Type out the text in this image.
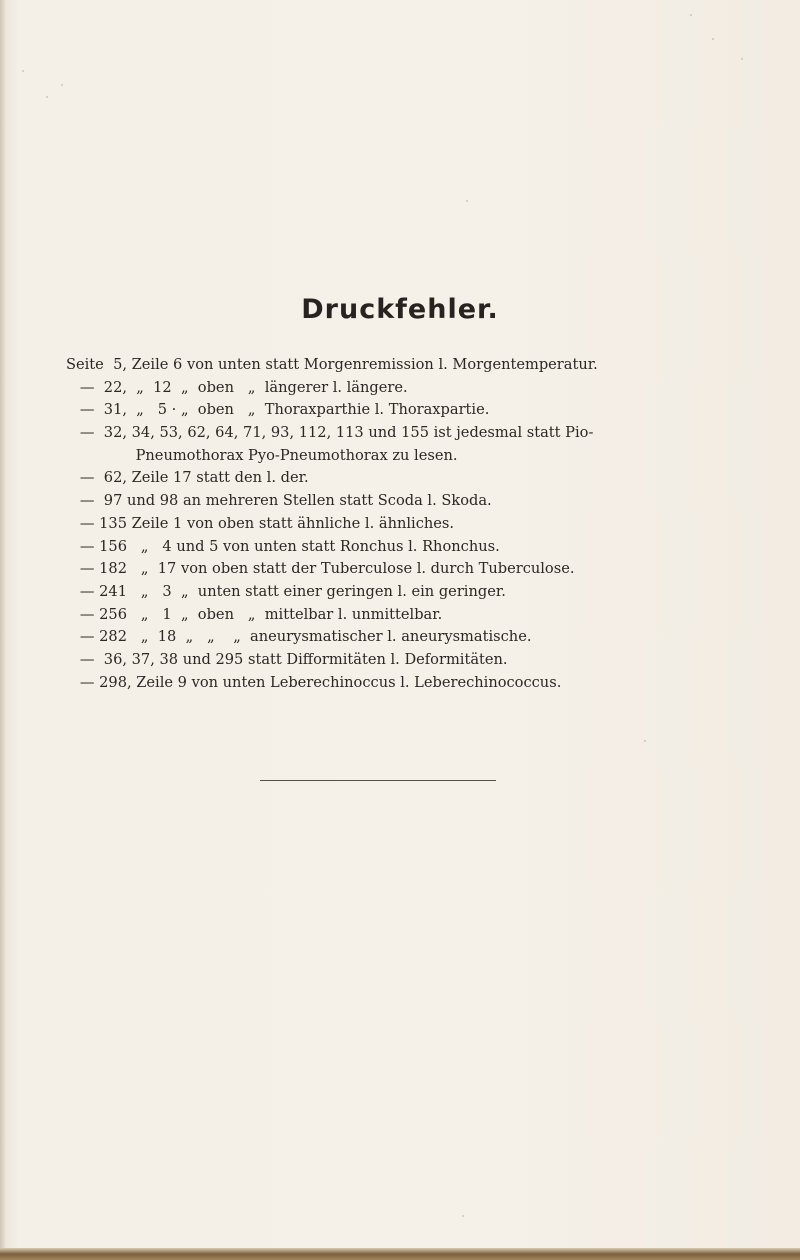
Druckfehler.
Seite  5, Zeile 6 von unten statt Morgenremission l. Morgentemperatur.
—  22,  „  12  „  oben   „  längerer l. längere.
—  31,  „   5 · „  oben   „  Thoraxparthie l. Thoraxpartie.
—  32, 34, 53, 62, 64, 71, 93, 112, 113 und 155 ist jedesmal statt Pio-
Pneumothorax Pyo-Pneumothorax zu lesen.
—  62, Zeile 17 statt den l. der.
—  97 und 98 an mehreren Stellen statt Scoda l. Skoda.
— 135 Zeile 1 von oben statt ähnliche l. ähnliches.
— 156   „   4 und 5 von unten statt Ronchus l. Rhonchus.
— 182   „  17 von oben statt der Tuberculose l. durch Tuberculose.
— 241   „   3  „  unten statt einer geringen l. ein geringer.
— 256   „   1  „  oben   „  mittelbar l. unmittelbar.
— 282   „  18  „   „    „  aneurysmatischer l. aneurysmatische.
—  36, 37, 38 und 295 statt Difformitäten l. Deformitäten.
— 298, Zeile 9 von unten Leberechinoccus l. Leberechinococcus.
